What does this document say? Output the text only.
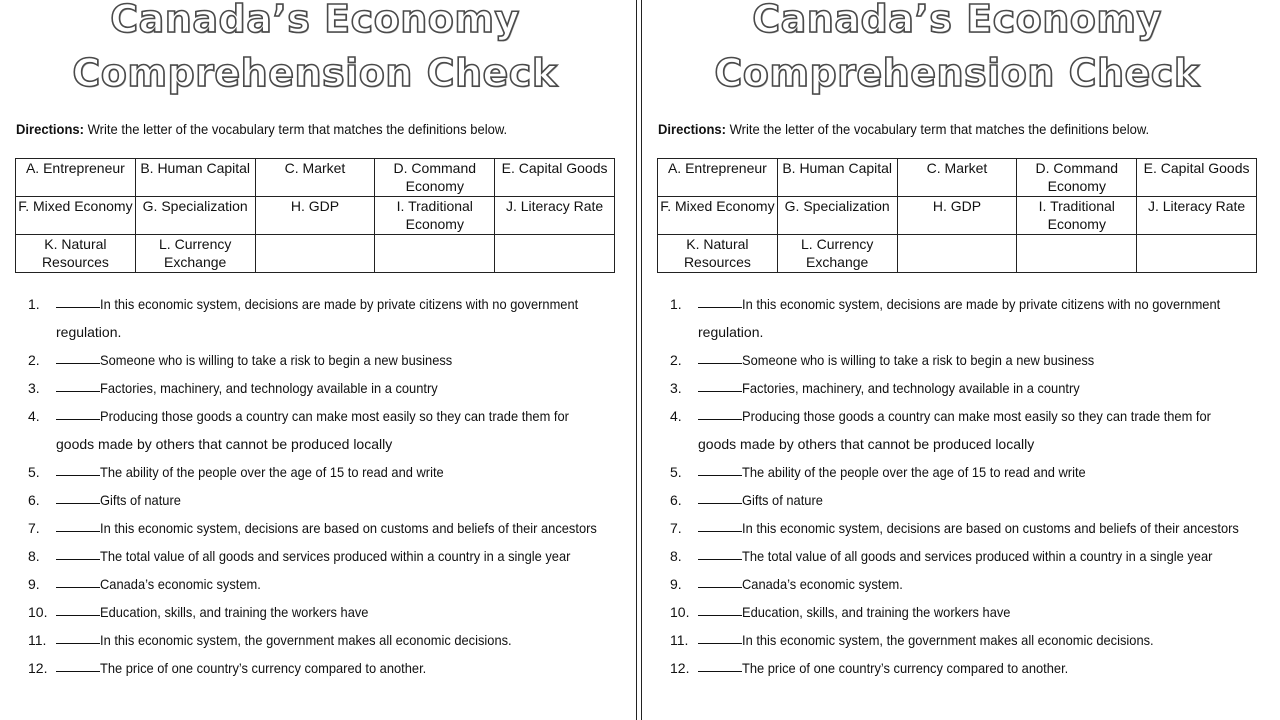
Canada’s Economy
Comprehension Check

Directions: Write the letter of the vocabulary term that matches the definitions below.

A. Entrepreneur	B. Human Capital	C. Market	D. Command Economy	E. Capital Goods
F. Mixed Economy	G. Specialization	H. GDP	I. Traditional Economy	J. Literacy Rate
K. Natural Resources	L. Currency Exchange			
1.	In this economic system, decisions are made by private citizens with no government
regulation.
2.	Someone who is willing to take a risk to begin a new business
3.	Factories, machinery, and technology available in a country
4.	Producing those goods a country can make most easily so they can trade them for
goods made by others that cannot be produced locally
5.	The ability of the people over the age of 15 to read and write
6.	Gifts of nature
7.	In this economic system, decisions are based on customs and beliefs of their ancestors
8.	The total value of all goods and services produced within a country in a single year
9.	Canada’s economic system.
10.	Education, skills, and training the workers have
11.	In this economic system, the government makes all economic decisions.
12.	The price of one country’s currency compared to another.
Canada’s Economy
Comprehension Check

Directions: Write the letter of the vocabulary term that matches the definitions below.

A. Entrepreneur	B. Human Capital	C. Market	D. Command Economy	E. Capital Goods
F. Mixed Economy	G. Specialization	H. GDP	I. Traditional Economy	J. Literacy Rate
K. Natural Resources	L. Currency Exchange			
1.	In this economic system, decisions are made by private citizens with no government
regulation.
2.	Someone who is willing to take a risk to begin a new business
3.	Factories, machinery, and technology available in a country
4.	Producing those goods a country can make most easily so they can trade them for
goods made by others that cannot be produced locally
5.	The ability of the people over the age of 15 to read and write
6.	Gifts of nature
7.	In this economic system, decisions are based on customs and beliefs of their ancestors
8.	The total value of all goods and services produced within a country in a single year
9.	Canada’s economic system.
10.	Education, skills, and training the workers have
11.	In this economic system, the government makes all economic decisions.
12.	The price of one country’s currency compared to another.
